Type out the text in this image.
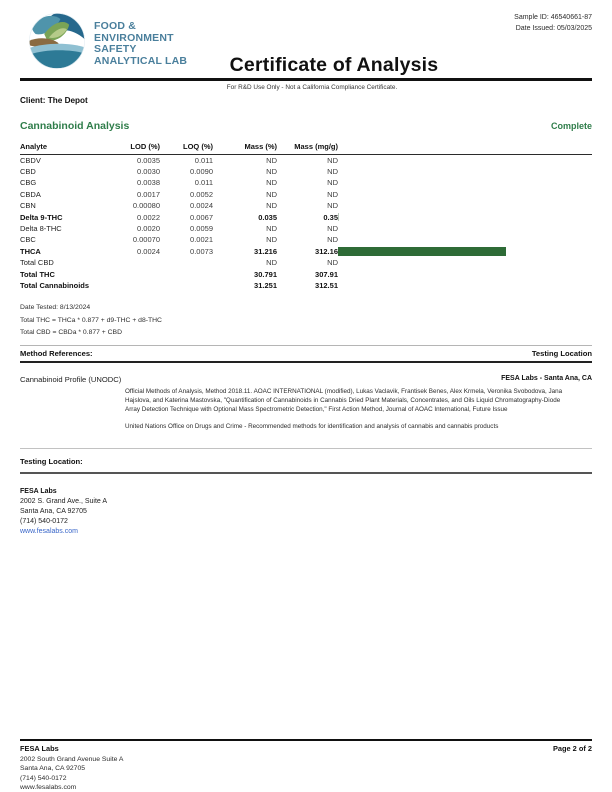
FOOD &
ENVIRONMENT
SAFETY
ANALYTICAL LAB
Sample ID: 46540661-87
Date Issued: 05/03/2025
Certificate of Analysis
For R&D Use Only - Not a California Compliance Certificate.
Client: The Depot
Cannabinoid Analysis	Complete
Analyte	LOD (%)	LOQ (%)	Mass (%)	Mass (mg/g)	
CBDV	0.0035	0.011	ND	ND	
CBD	0.0030	0.0090	ND	ND	
CBG	0.0038	0.011	ND	ND	
CBDA	0.0017	0.0052	ND	ND	
CBN	0.00080	0.0024	ND	ND	
Delta 9-THC	0.0022	0.0067	0.035	0.35	

Delta 8-THC	0.0020	0.0059	ND	ND	
CBC	0.00070	0.0021	ND	ND	
THCA	0.0024	0.0073	31.216	312.16	

Total CBD			ND	ND	
Total THC			30.791	307.91	
Total Cannabinoids			31.251	312.51	
Date Tested: 8/13/2024
Total THC = THCa * 0.877 + d9-THC + d8-THC
Total CBD = CBDa * 0.877 + CBD
Method References:	Testing Location
Cannabinoid Profile (UNODC)	FESA Labs - Santa Ana, CA

Official Methods of Analysis, Method 2018.11. AOAC INTERNATIONAL (modified), Lukas Vaclavik, Frantisek Benes, Alex Krmela, Veronika Svobodova, Jana Hajslova, and Katerina Mastovska, "Quantification of Cannabinoids in Cannabis Dried Plant Materials, Concentrates, and Oils Liquid Chromatography-Diode Array Detection Technique with Optional Mass Spectrometric Detection," First Action Method, Journal of AOAC International, Future Issue

United Nations Office on Drugs and Crime - Recommended methods for identification and analysis of cannabis and cannabis products

Testing Location:
FESA Labs
2002 S. Grand Ave., Suite A
Santa Ana, CA 92705
(714) 540-0172
www.fesalabs.com
FESA Labs	Page 2 of 2
2002 South Grand Avenue Suite A
Santa Ana, CA 92705
(714) 540-0172
www.fesalabs.com
